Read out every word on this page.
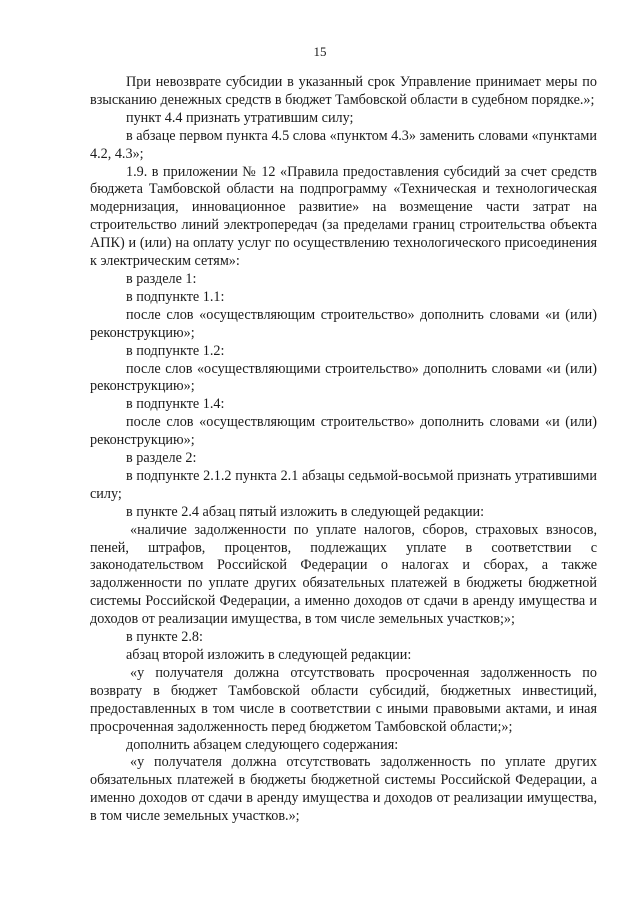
15

При невозврате субсидии в указанный срок Управление принимает меры по взысканию денежных средств в бюджет Тамбовской области в судебном порядке.»;

пункт 4.4 признать утратившим силу;

в абзаце первом пункта 4.5 слова «пунктом 4.3» заменить словами «пунктами 4.2, 4.3»;

1.9. в приложении № 12 «Правила предоставления субсидий за счет средств бюджета Тамбовской области на подпрограмму «Техническая и технологическая модернизация, инновационное развитие» на возмещение части затрат на строительство линий электропередач (за пределами границ строительства объекта АПК) и (или) на оплату услуг по осуществлению технологического присоединения к электрическим сетям»:

в разделе 1:

в подпункте 1.1:

после слов «осуществляющим строительство» дополнить словами «и (или) реконструкцию»;

в подпункте 1.2:

после слов «осуществляющими строительство» дополнить словами «и (или) реконструкцию»;

в подпункте 1.4:

после слов «осуществляющим строительство» дополнить словами «и (или) реконструкцию»;

в разделе 2:

в подпункте 2.1.2 пункта 2.1 абзацы седьмой-восьмой признать утратившими силу;

в пункте 2.4 абзац пятый изложить в следующей редакции:

«наличие задолженности по уплате налогов, сборов, страховых взносов, пеней, штрафов, процентов, подлежащих уплате в соответствии с законодательством Российской Федерации о налогах и сборах, а также задолженности по уплате других обязательных платежей в бюджеты бюджетной системы Российской Федерации, а именно доходов от сдачи в аренду имущества и доходов от реализации имущества, в том числе земельных участков;»;

в пункте 2.8:

абзац второй изложить в следующей редакции:

«у получателя должна отсутствовать просроченная задолженность по возврату в бюджет Тамбовской области субсидий, бюджетных инвестиций, предоставленных в том числе в соответствии с иными правовыми актами, и иная просроченная задолженность перед бюджетом Тамбовской области;»;

дополнить абзацем следующего содержания:

«у получателя должна отсутствовать задолженность по уплате других обязательных платежей в бюджеты бюджетной системы Российской Федерации, а именно доходов от сдачи в аренду имущества и доходов от реализации имущества, в том числе земельных участков.»;
